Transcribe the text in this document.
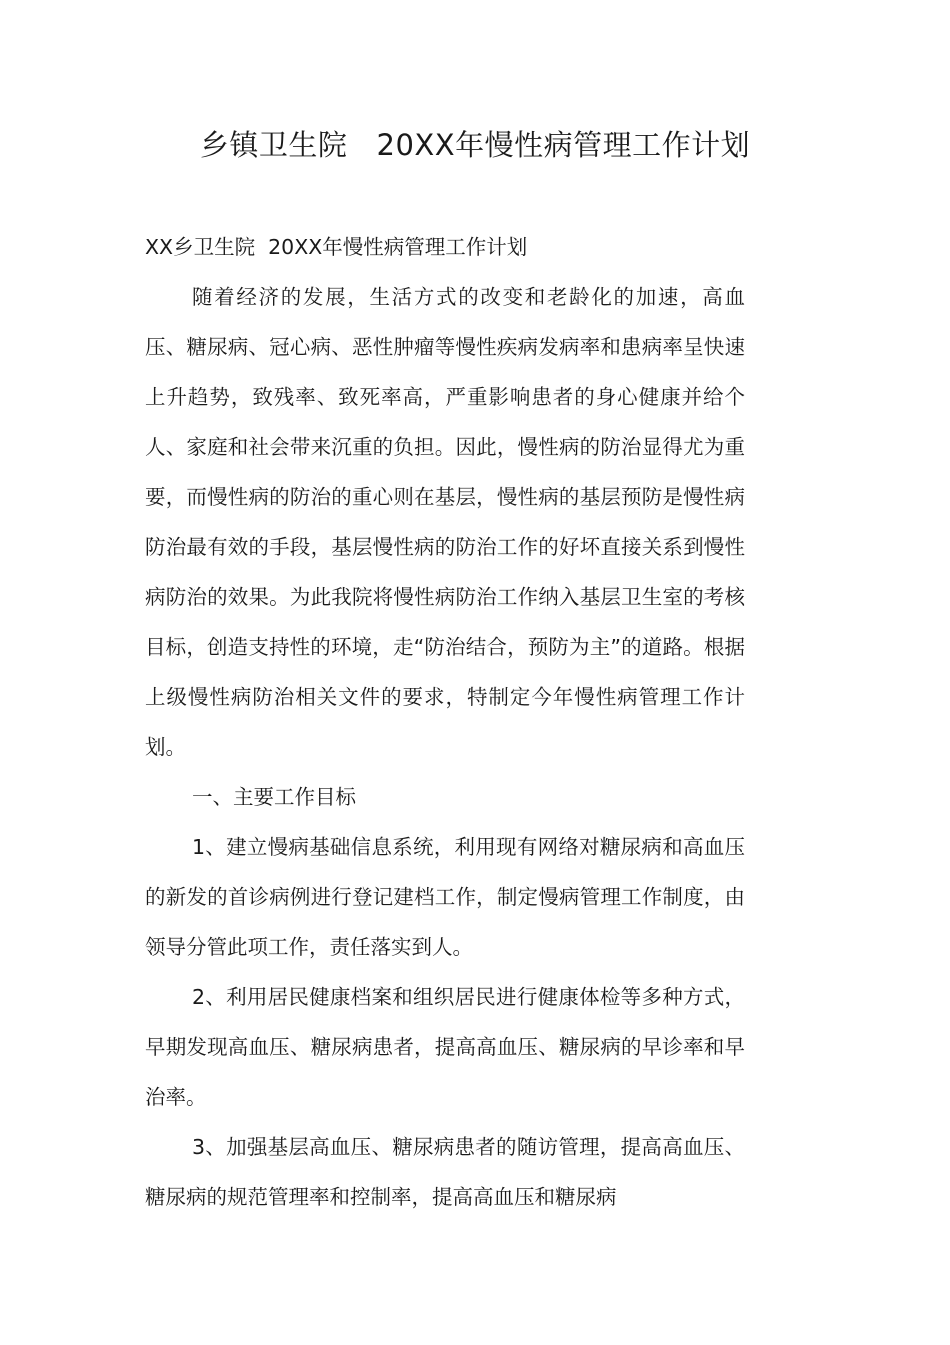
乡镇卫生院   20XX年慢性病管理工作计划

XX乡卫生院  20XX年慢性病管理工作计划

随着经济的发展，生活方式的改变和老龄化的加速，高血压、糖尿病、冠心病、恶性肿瘤等慢性疾病发病率和患病率呈快速上升趋势，致残率、致死率高，严重影响患者的身心健康并给个人、家庭和社会带来沉重的负担。因此，慢性病的防治显得尤为重要，而慢性病的防治的重心则在基层，慢性病的基层预防是慢性病防治最有效的手段，基层慢性病的防治工作的好坏直接关系到慢性病防治的效果。为此我院将慢性病防治工作纳入基层卫生室的考核目标，创造支持性的环境，走“防治结合，预防为主”的道路。根据上级慢性病防治相关文件的要求，特制定今年慢性病管理工作计划。

一、主要工作目标

1、建立慢病基础信息系统，利用现有网络对糖尿病和高血压的新发的首诊病例进行登记建档工作，制定慢病管理工作制度，由领导分管此项工作，责任落实到人。

2、利用居民健康档案和组织居民进行健康体检等多种方式，早期发现高血压、糖尿病患者，提高高血压、糖尿病的早诊率和早治率。

3、加强基层高血压、糖尿病患者的随访管理，提高高血压、糖尿病的规范管理率和控制率，提高高血压和糖尿病
